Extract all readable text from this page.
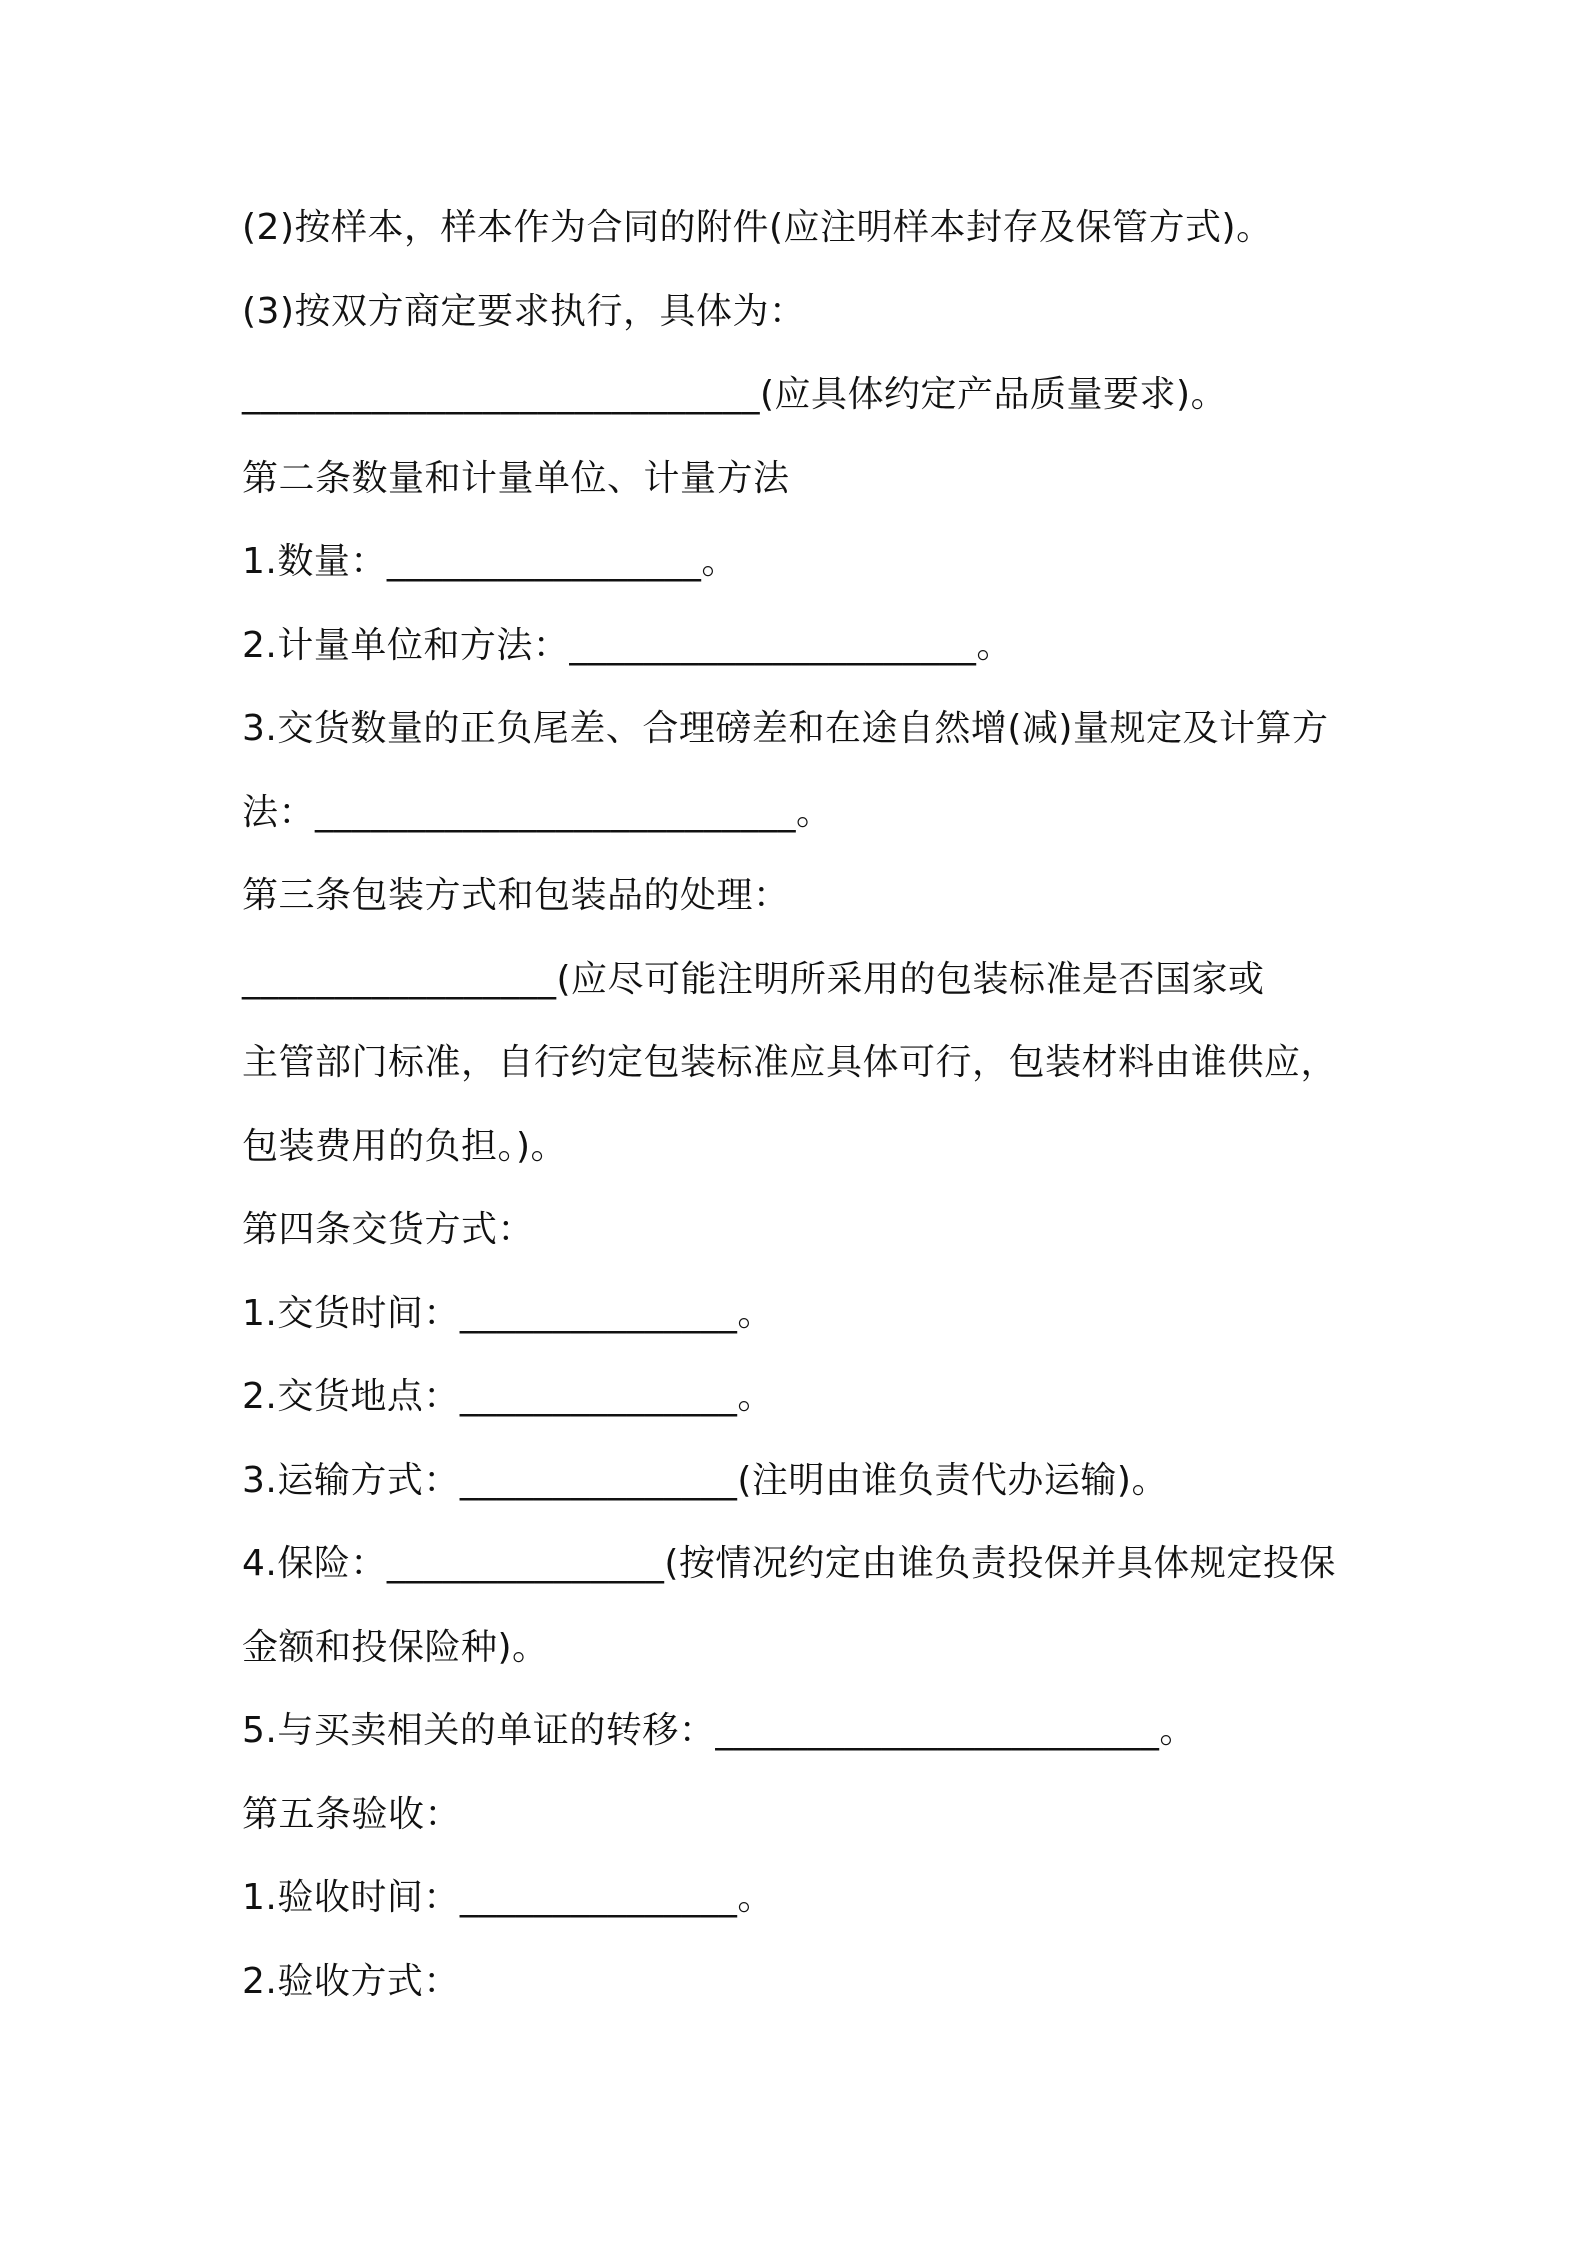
(2)按样本，样本作为合同的附件(应注明样本封存及保管方式)。
(3)按双方商定要求执行，具体为：
____________________________(应具体约定产品质量要求)。
第二条数量和计量单位、计量方法
1.数量：_________________。
2.计量单位和方法：______________________。
3.交货数量的正负尾差、合理磅差和在途自然增(减)量规定及计算方
法：__________________________。
第三条包装方式和包装品的处理：
_________________(应尽可能注明所采用的包装标准是否国家或
主管部门标准，自行约定包装标准应具体可行，包装材料由谁供应，
包装费用的负担。)。
第四条交货方式：
1.交货时间：_______________。
2.交货地点：_______________。
3.运输方式：_______________(注明由谁负责代办运输)。
4.保险：_______________(按情况约定由谁负责投保并具体规定投保
金额和投保险种)。
5.与买卖相关的单证的转移：________________________。
第五条验收：
1.验收时间：_______________。
2.验收方式：
